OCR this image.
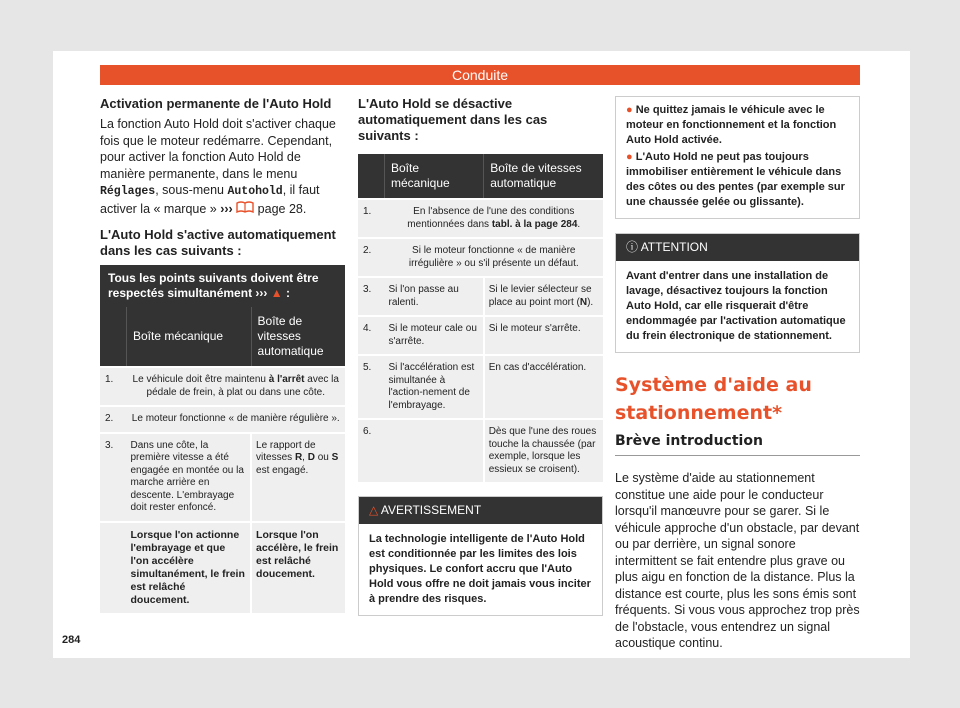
Conduite
Activation permanente de l'Auto Hold

La fonction Auto Hold doit s'activer chaque fois que le moteur redémarre. Cependant, pour activer la fonction Auto Hold de manière permanente, dans le menu Réglages, sous-menu Autohold, il faut activer la « marque » ›››  page 28.

L'Auto Hold s'active automatiquement dans les cas suivants :
Tous les points suivants doivent être respectés simultanément ››› ▲ :		
	Boîte mécanique	Boîte de vitesses automatique
1.	Le véhicule doit être maintenu à l'arrêt avec la pédale de frein, à plat ou dans une côte.	
2.	Le moteur fonctionne « de manière régulière ».	
3.	Dans une côte, la première vitesse a été engagée en montée ou la marche arrière en descente. L'embrayage doit rester enfoncé.	Le rapport de vitesses R, D ou S est engagé.
	Lorsque l'on actionne l'embrayage et que l'on accélère simultanément, le frein est relâché doucement.	Lorsque l'on accélère, le frein est relâché doucement.
L'Auto Hold se désactive automatiquement dans les cas suivants :
	Boîte mécanique	Boîte de vitesses automatique
1.	En l'absence de l'une des conditions mentionnées dans tabl. à la page 284.	
2.	Si le moteur fonctionne « de manière irrégulière » ou s'il présente un défaut.	
3.	Si l'on passe au ralenti.	Si le levier sélecteur se place au point mort (N).
4.	Si le moteur cale ou s'arrête.	Si le moteur s'arrête.
5.	Si l'accélération est simultanée à l'action-nement de l'embrayage.	En cas d'accélération.
6.		Dès que l'une des roues touche la chaussée (par exemple, lorsque les essieux se croisent).
△ AVERTISSEMENT
La technologie intelligente de l'Auto Hold est conditionnée par les limites des lois physiques. Le confort accru que l'Auto Hold vous offre ne doit jamais vous inciter à prendre des risques.
● Ne quittez jamais le véhicule avec le moteur en fonctionnement et la fonction Auto Hold activée.
● L'Auto Hold ne peut pas toujours immobiliser entièrement le véhicule dans des côtes ou des pentes (par exemple sur une chaussée gelée ou glissante).
ⓘ ATTENTION
Avant d'entrer dans une installation de lavage, désactivez toujours la fonction Auto Hold, car elle risquerait d'être endommagée par l'activation automatique du frein électronique de stationnement.
Système d'aide au stationnement*
Brève introduction

Le système d'aide au stationnement constitue une aide pour le conducteur lorsqu'il manœuvre pour se garer. Si le véhicule approche d'un obstacle, par devant ou par derrière, un signal sonore intermittent se fait entendre plus grave ou plus aigu en fonction de la distance. Plus la distance est courte, plus les sons émis sont fréquents. Si vous vous approchez trop près de l'obstacle, vous entendrez un signal acoustique continu.

284
